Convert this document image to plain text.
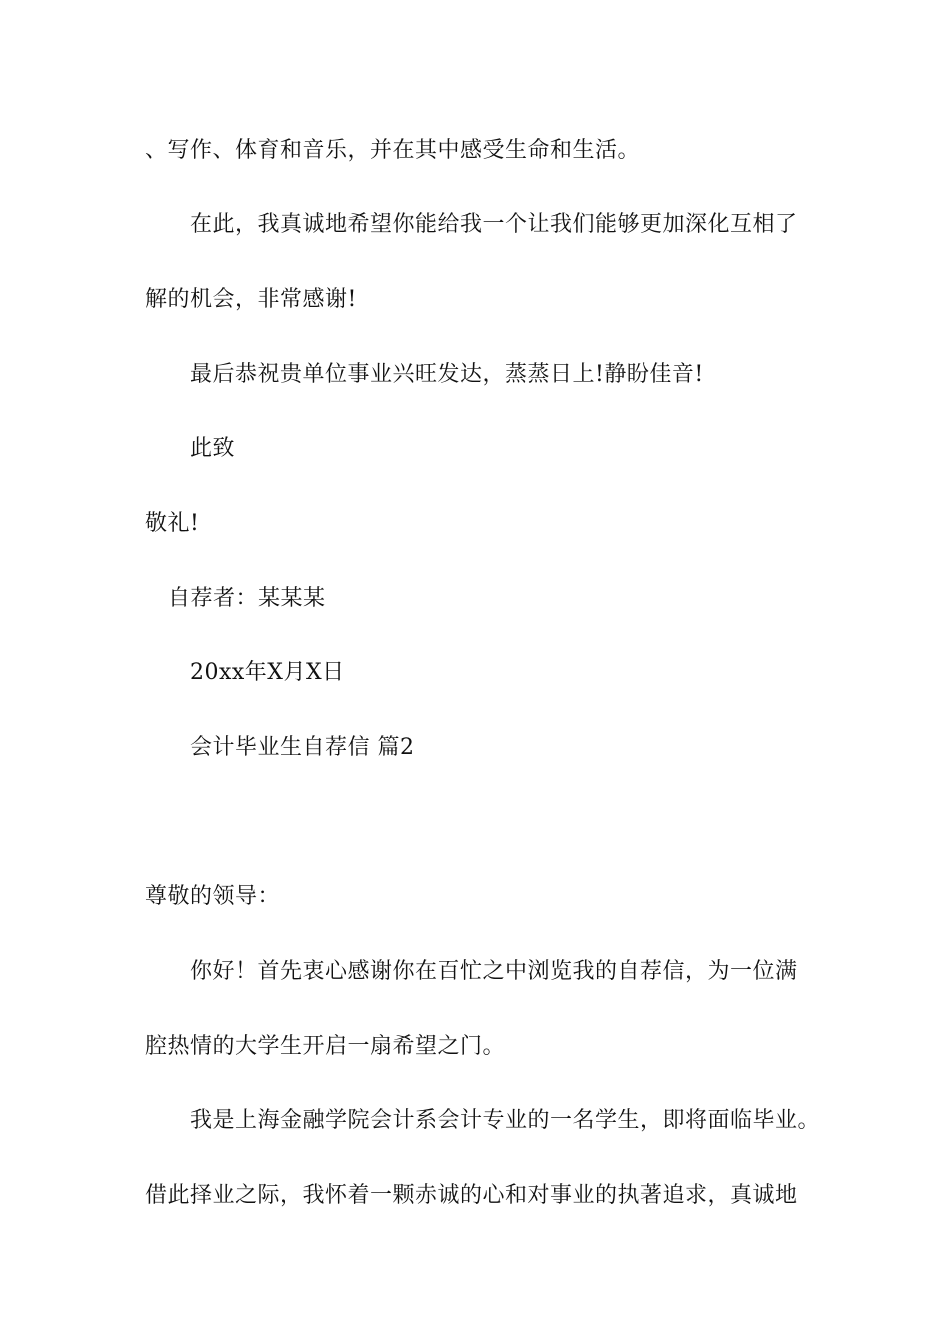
、写作、体育和音乐，并在其中感受生命和生活。
在此，我真诚地希望你能给我一个让我们能够更加深化互相了
解的机会，非常感谢!
最后恭祝贵单位事业兴旺发达，蒸蒸日上!静盼佳音!
此致
敬礼!
自荐者：某某某
20xx年X月X日
会计毕业生自荐信 篇2
尊敬的领导：
你好！首先衷心感谢你在百忙之中浏览我的自荐信，为一位满
腔热情的大学生开启一扇希望之门。
我是上海金融学院会计系会计专业的一名学生，即将面临毕业。
借此择业之际，我怀着一颗赤诚的心和对事业的执著追求，真诚地
